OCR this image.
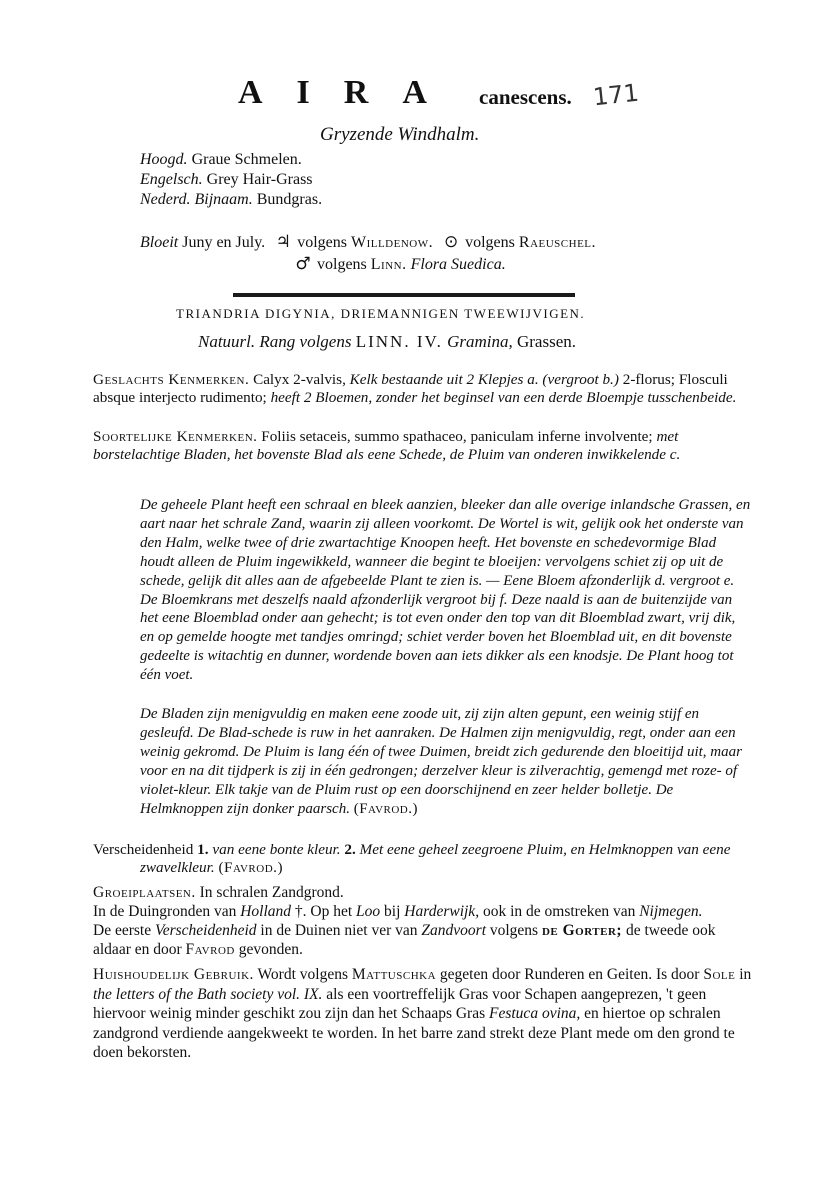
AIRA canescens. 171
Gryzende Windhalm.
Hoogd. Graue Schmelen.
Engelsch. Grey Hair-Grass
Nederd. Bijnaam. Bundgras.
Bloeit Juny en July. ♃ volgens Willdenow. ⊙ volgens Raeuschel.
♂ volgens Linn. Flora Suedica.
TRIANDRIA DIGYNIA, DRIEMANNIGEN TWEEWIJVIGEN.
Natuurl. Rang volgens LINN. IV. Gramina, Grassen.
Geslachts Kenmerken. Calyx 2-valvis, Kelk bestaande uit 2 Klepjes a. (vergroot b.) 2-florus; Flosculi absque interjecto rudimento; heeft 2 Bloemen, zonder het beginsel van een derde Bloempje tusschenbeide.
Soortelijke Kenmerken. Foliis setaceis, summo spathaceo, paniculam inferne involvente; met borstelachtige Bladen, het bovenste Blad als eene Schede, de Pluim van onderen inwikkelende c.
De geheele Plant heeft een schraal en bleek aanzien, bleeker dan alle overige inlandsche Grassen, en aart naar het schrale Zand, waarin zij alleen voorkomt. De Wortel is wit, gelijk ook het onderste van den Halm, welke twee of drie zwartachtige Knoopen heeft. Het bovenste en schedevormige Blad houdt alleen de Pluim ingewikkeld, wanneer die begint te bloeijen: vervolgens schiet zij op uit de schede, gelijk dit alles aan de afgebeelde Plant te zien is. — Eene Bloem afzonderlijk d. vergroot e. De Bloemkrans met deszelfs naald afzonderlijk vergroot bij f. Deze naald is aan de buitenzijde van het eene Bloemblad onder aan gehecht; is tot even onder den top van dit Bloemblad zwart, vrij dik, en op gemelde hoogte met tandjes omringd; schiet verder boven het Bloemblad uit, en dit bovenste gedeelte is witachtig en dunner, wordende boven aan iets dikker als een knodsje. De Plant hoog tot één voet.
De Bladen zijn menigvuldig en maken eene zoode uit, zij zijn alten gepunt, een weinig stijf en gesleufd. De Blad-schede is ruw in het aanraken. De Halmen zijn menigvuldig, regt, onder aan een weinig gekromd. De Pluim is lang één of twee Duimen, breidt zich gedurende den bloeitijd uit, maar voor en na dit tijdperk is zij in één gedrongen; derzelver kleur is zilverachtig, gemengd met roze- of violet-kleur. Elk takje van de Pluim rust op een doorschijnend en zeer helder bolletje. De Helmknoppen zijn donker paarsch. (Favrod.)
Verscheidenheid 1. van eene bonte kleur. 2. Met eene geheel zeegroene Pluim, en Helmknoppen van eene zwavelkleur. (Favrod.)
Groeiplaatsen. In schralen Zandgrond.
In de Duingronden van Holland †. Op het Loo bij Harderwijk, ook in de omstreken van Nijmegen.
De eerste Verscheidenheid in de Duinen niet ver van Zandvoort volgens de Gorter; de tweede ook aldaar en door Favrod gevonden.
Huishoudelijk Gebruik. Wordt volgens Mattuschka gegeten door Runderen en Geiten. Is door Sole in the letters of the Bath society vol. IX. als een voortreffelijk Gras voor Schapen aangeprezen, 't geen hiervoor weinig minder geschikt zou zijn dan het Schaaps Gras Festuca ovina, en hiertoe op schralen zandgrond verdiende aangekweekt te worden. In het barre zand strekt deze Plant mede om den grond te doen bekorsten.
